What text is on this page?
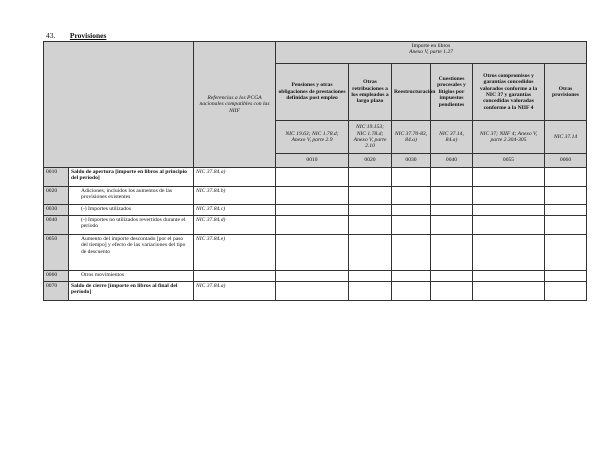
43. Provisiones
		Referencias a los PCGA nacionales compatibles con las NIIF	Importe en libros
Anexo V, parte 1.27					

			Pensiones y otras obligaciones de prestaciones definidas post empleo	Otras retribuciones a los empleados a largo plazo	Reestructuración	Cuestiones procesales y litigios por impuestos pendientes	Otros compromisos y garantías concedidos valorados conforme a la NIC 37 y garantías concedidas valoradas conforme a la NIIF 4	Otras provisiones
			NIC 19.63; NIC 1.78.d; Anexo V, parte 2.9	NIC 19.153; NIC 1.78.d; Anexo V, parte 2.10	NIC 37.70-83, 84.a)	NIC 37.14, 84.a)	NIC 37; NIIF 4; Anexo V, parte 2.304-305	NIC 37.14
			0010	0020	0030	0040	0055	0060
0010	Saldo de apertura [importe en libros al principio del período]	NIC 37.84.a)						
0020	Adiciones, incluidos los aumentos de las provisiones existentes	NIC 37.84.b)						
0030	(-) Importes utilizados	NIC 37.84.c)						
0040	(-) Importes no utilizados revertidos durante el período	NIC 37.84.d)						
0050	Aumento del importe descontado [por el paso del tiempo] y efecto de las variaciones del tipo de descuento	NIC 37.84.e)						
0060	Otros movimientos							
0070	Saldo de cierre [importe en libros al final del período]	NIC 37.84.a)						
